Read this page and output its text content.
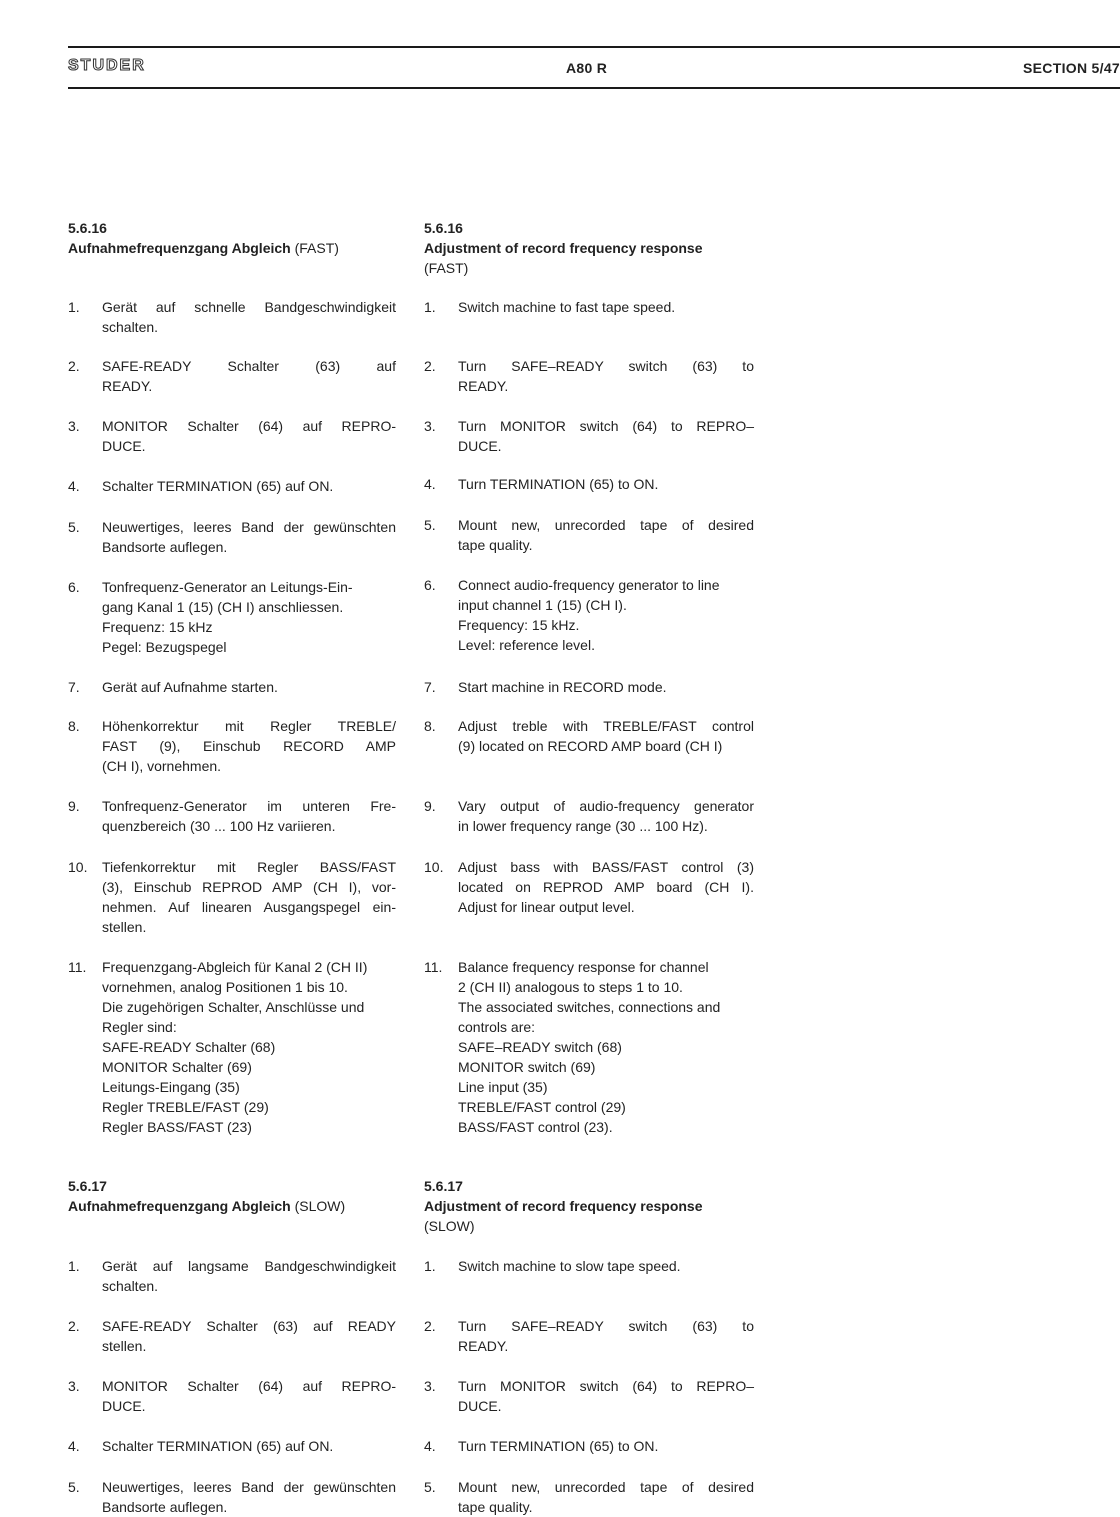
STUDER	A80 R	SECTION 5/47
5.6.16
Aufnahmefrequenzgang Abgleich (FAST)
1.	Gerät auf schnelle Bandgeschwindigkeit
schalten.
2.	SAFE-READY Schalter (63) auf
READY.
3.	MONITOR Schalter (64) auf REPRO-
DUCE.
4.	Schalter TERMINATION (65) auf ON.
5.	Neuwertiges, leeres Band der gewünschten
Bandsorte auflegen.
6.	Tonfrequenz-Generator an Leitungs-Ein-
gang Kanal 1 (15) (CH I) anschliessen.
Frequenz: 15 kHz
Pegel: Bezugspegel
7.	Gerät auf Aufnahme starten.
8.	Höhenkorrektur mit Regler TREBLE/
FAST (9), Einschub RECORD AMP
(CH I), vornehmen.
9.	Tonfrequenz-Generator im unteren Fre-
quenzbereich (30 ... 100 Hz variieren.
10.	Tiefenkorrektur mit Regler BASS/FAST
(3), Einschub REPROD AMP (CH I), vor-
nehmen. Auf linearen Ausgangspegel ein-
stellen.
11.	Frequenzgang-Abgleich für Kanal 2 (CH II)
vornehmen, analog Positionen 1 bis 10.
Die zugehörigen Schalter, Anschlüsse und
Regler sind:
SAFE-READY Schalter (68)
MONITOR Schalter (69)
Leitungs-Eingang (35)
Regler TREBLE/FAST (29)
Regler BASS/FAST (23)
5.6.17
Aufnahmefrequenzgang Abgleich (SLOW)
1.	Gerät auf langsame Bandgeschwindigkeit
schalten.
2.	SAFE-READY Schalter (63) auf READY
stellen.
3.	MONITOR Schalter (64) auf REPRO-
DUCE.
4.	Schalter TERMINATION (65) auf ON.
5.	Neuwertiges, leeres Band der gewünschten
Bandsorte auflegen.
5.6.16
Adjustment of record frequency response
(FAST)
1.	Switch machine to fast tape speed.
2.	Turn SAFE–READY switch (63) to
READY.
3.	Turn MONITOR switch (64) to REPRO–
DUCE.
4.	Turn TERMINATION (65) to ON.
5.	Mount new, unrecorded tape of desired
tape quality.
6.	Connect audio-frequency generator to line
input channel 1 (15) (CH I).
Frequency: 15 kHz.
Level: reference level.
7.	Start machine in RECORD mode.
8.	Adjust treble with TREBLE/FAST control
(9) located on RECORD AMP board (CH I)
9.	Vary output of audio-frequency generator
in lower frequency range (30 ... 100 Hz).
10.	Adjust bass with BASS/FAST control (3)
located on REPROD AMP board (CH I).
Adjust for linear output level.
11.	Balance frequency response for channel
2 (CH II) analogous to steps 1 to 10.
The associated switches, connections and
controls are:
SAFE–READY switch (68)
MONITOR switch (69)
Line input (35)
TREBLE/FAST control (29)
BASS/FAST control (23).
5.6.17
Adjustment of record frequency response
(SLOW)
1.	Switch machine to slow tape speed.
2.	Turn SAFE–READY switch (63) to
READY.
3.	Turn MONITOR switch (64) to REPRO–
DUCE.
4.	Turn TERMINATION (65) to ON.
5.	Mount new, unrecorded tape of desired
tape quality.
